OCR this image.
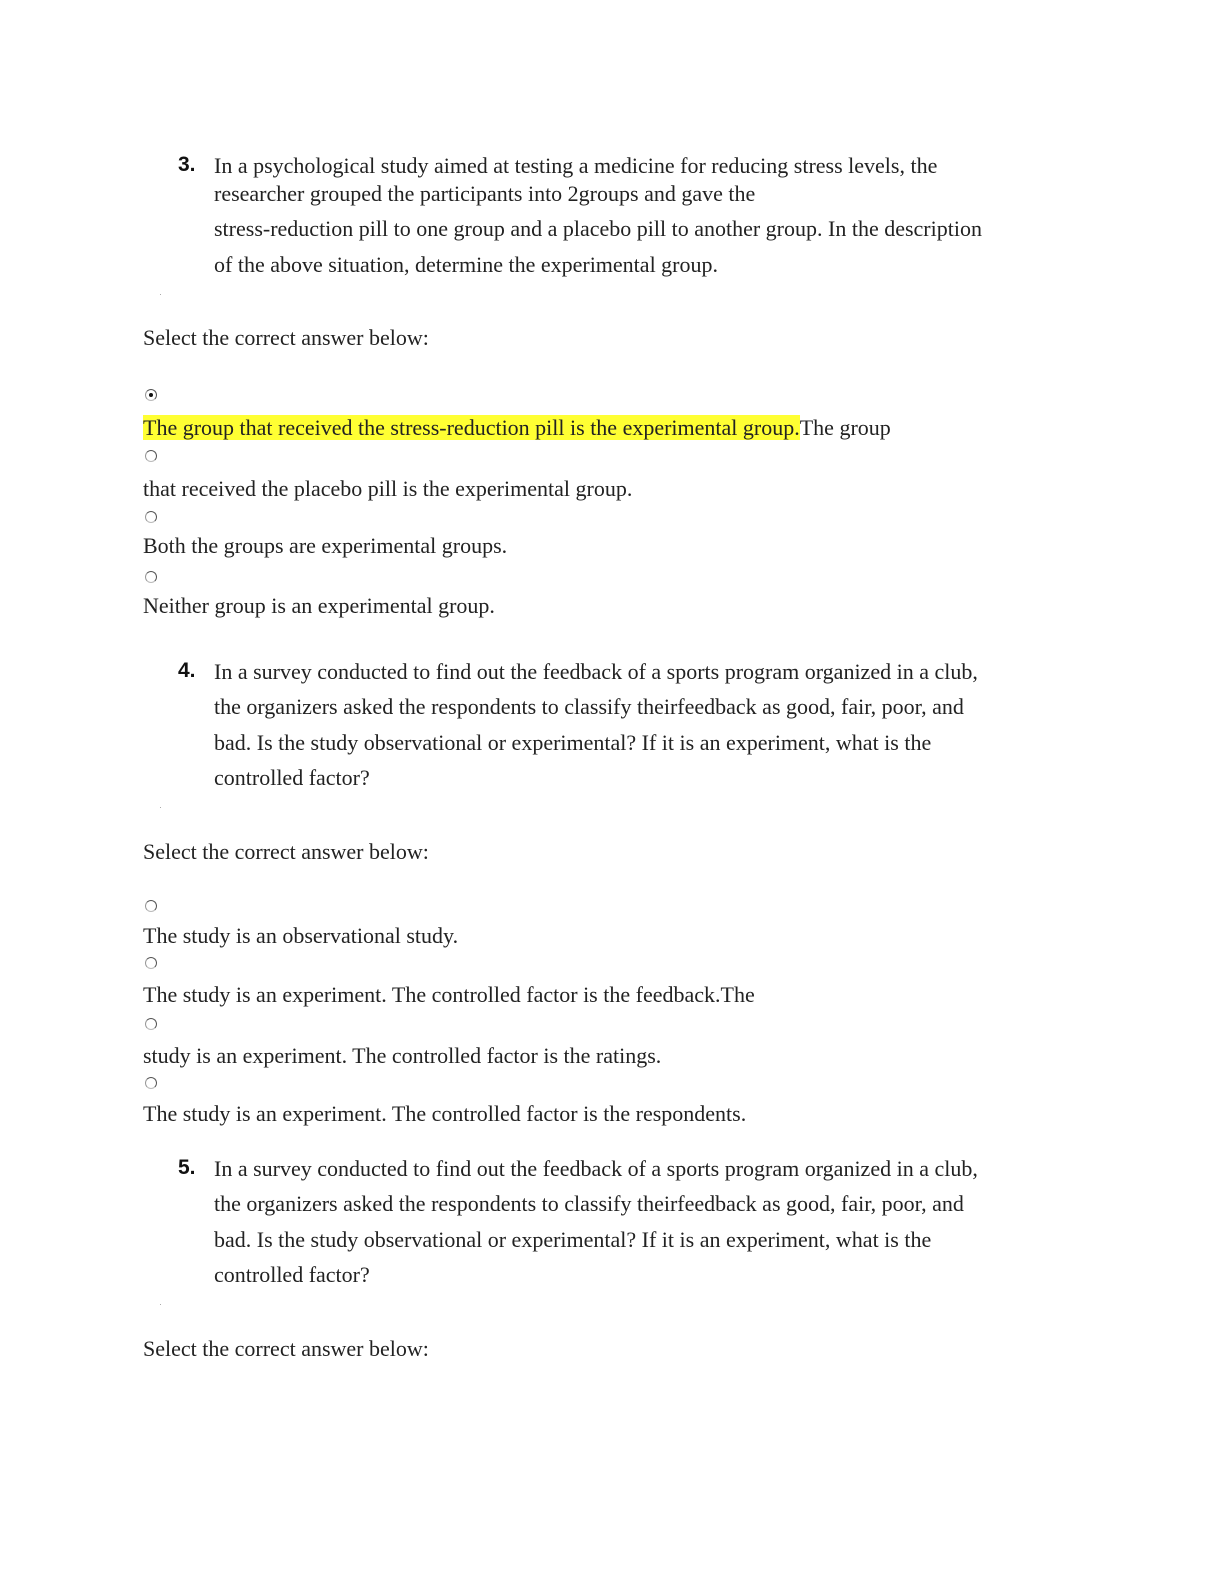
3. In a psychological study aimed at testing a medicine for reducing stress levels, the
researcher grouped the participants into 2groups and gave the
stress-reduction pill to one group and a placebo pill to another group. In the description
of the above situation, determine the experimental group.
Select the correct answer below:
The group that received the stress-reduction pill is the experimental group.The group
that received the placebo pill is the experimental group.
Both the groups are experimental groups.
Neither group is an experimental group.
4. In a survey conducted to find out the feedback of a sports program organized in a club,
the organizers asked the respondents to classify theirfeedback as good, fair, poor, and
bad. Is the study observational or experimental? If it is an experiment, what is the
controlled factor?
Select the correct answer below:
The study is an observational study.
The study is an experiment. The controlled factor is the feedback.The
study is an experiment. The controlled factor is the ratings.
The study is an experiment. The controlled factor is the respondents.
5. In a survey conducted to find out the feedback of a sports program organized in a club,
the organizers asked the respondents to classify theirfeedback as good, fair, poor, and
bad. Is the study observational or experimental? If it is an experiment, what is the
controlled factor?
Select the correct answer below:
